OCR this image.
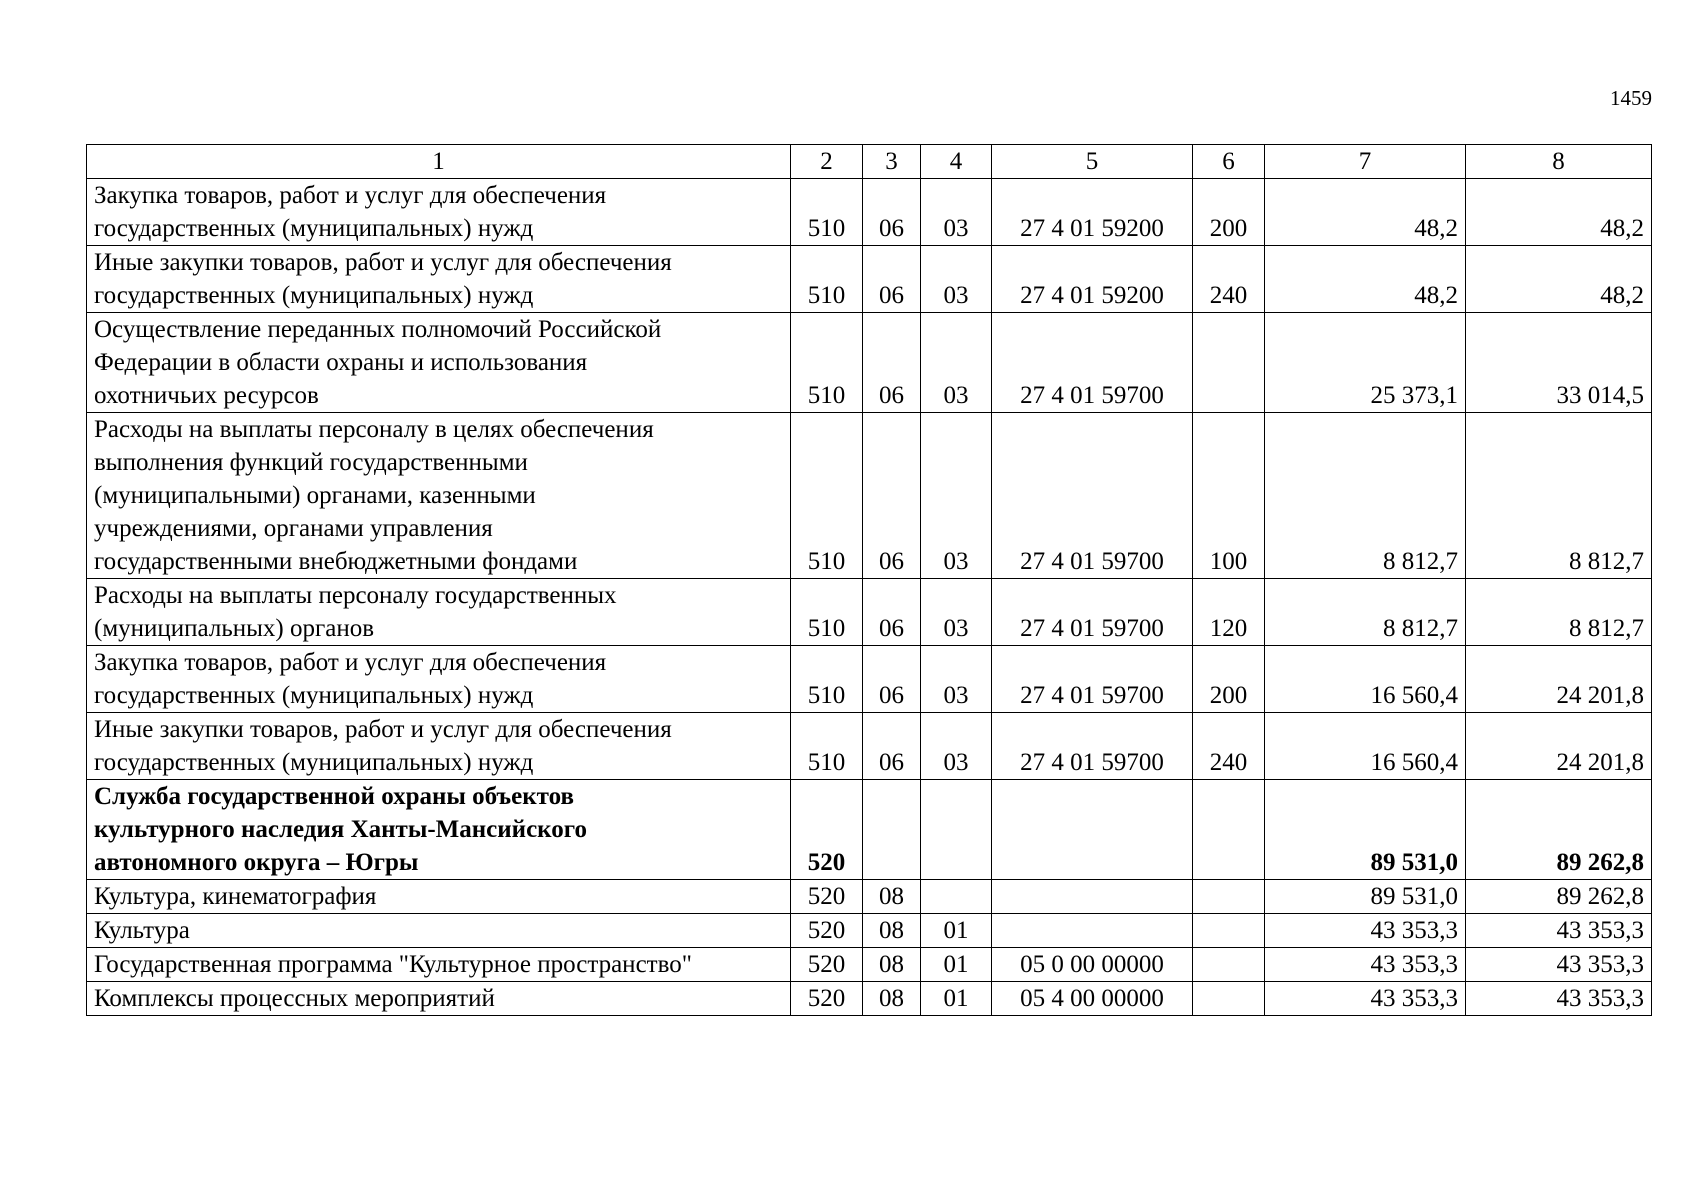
1459
1	2	3	4	5	6	7	8

Закупка товаров, работ и услуг для обеспечения
государственных (муниципальных) нужд	510	06	03	27 4 01 59200	200	48,2	48,2

Иные закупки товаров, работ и услуг для обеспечения
государственных (муниципальных) нужд	510	06	03	27 4 01 59200	240	48,2	48,2

Осуществление переданных полномочий Российской
Федерации в области охраны и использования
охотничьих ресурсов	510	06	03	27 4 01 59700		25 373,1	33 014,5

Расходы на выплаты персоналу в целях обеспечения
выполнения функций государственными
(муниципальными) органами, казенными
учреждениями, органами управления
государственными внебюджетными фондами	510	06	03	27 4 01 59700	100	8 812,7	8 812,7

Расходы на выплаты персоналу государственных
(муниципальных) органов	510	06	03	27 4 01 59700	120	8 812,7	8 812,7

Закупка товаров, работ и услуг для обеспечения
государственных (муниципальных) нужд	510	06	03	27 4 01 59700	200	16 560,4	24 201,8

Иные закупки товаров, работ и услуг для обеспечения
государственных (муниципальных) нужд	510	06	03	27 4 01 59700	240	16 560,4	24 201,8

Служба государственной охраны объектов
культурного наследия Ханты-Мансийского
автономного округа – Югры	520					89 531,0	89 262,8

Культура, кинематография	520	08				89 531,0	89 262,8

Культура	520	08	01			43 353,3	43 353,3

Государственная программа "Культурное пространство"	520	08	01	05 0 00 00000		43 353,3	43 353,3

Комплексы процессных мероприятий	520	08	01	05 4 00 00000		43 353,3	43 353,3
